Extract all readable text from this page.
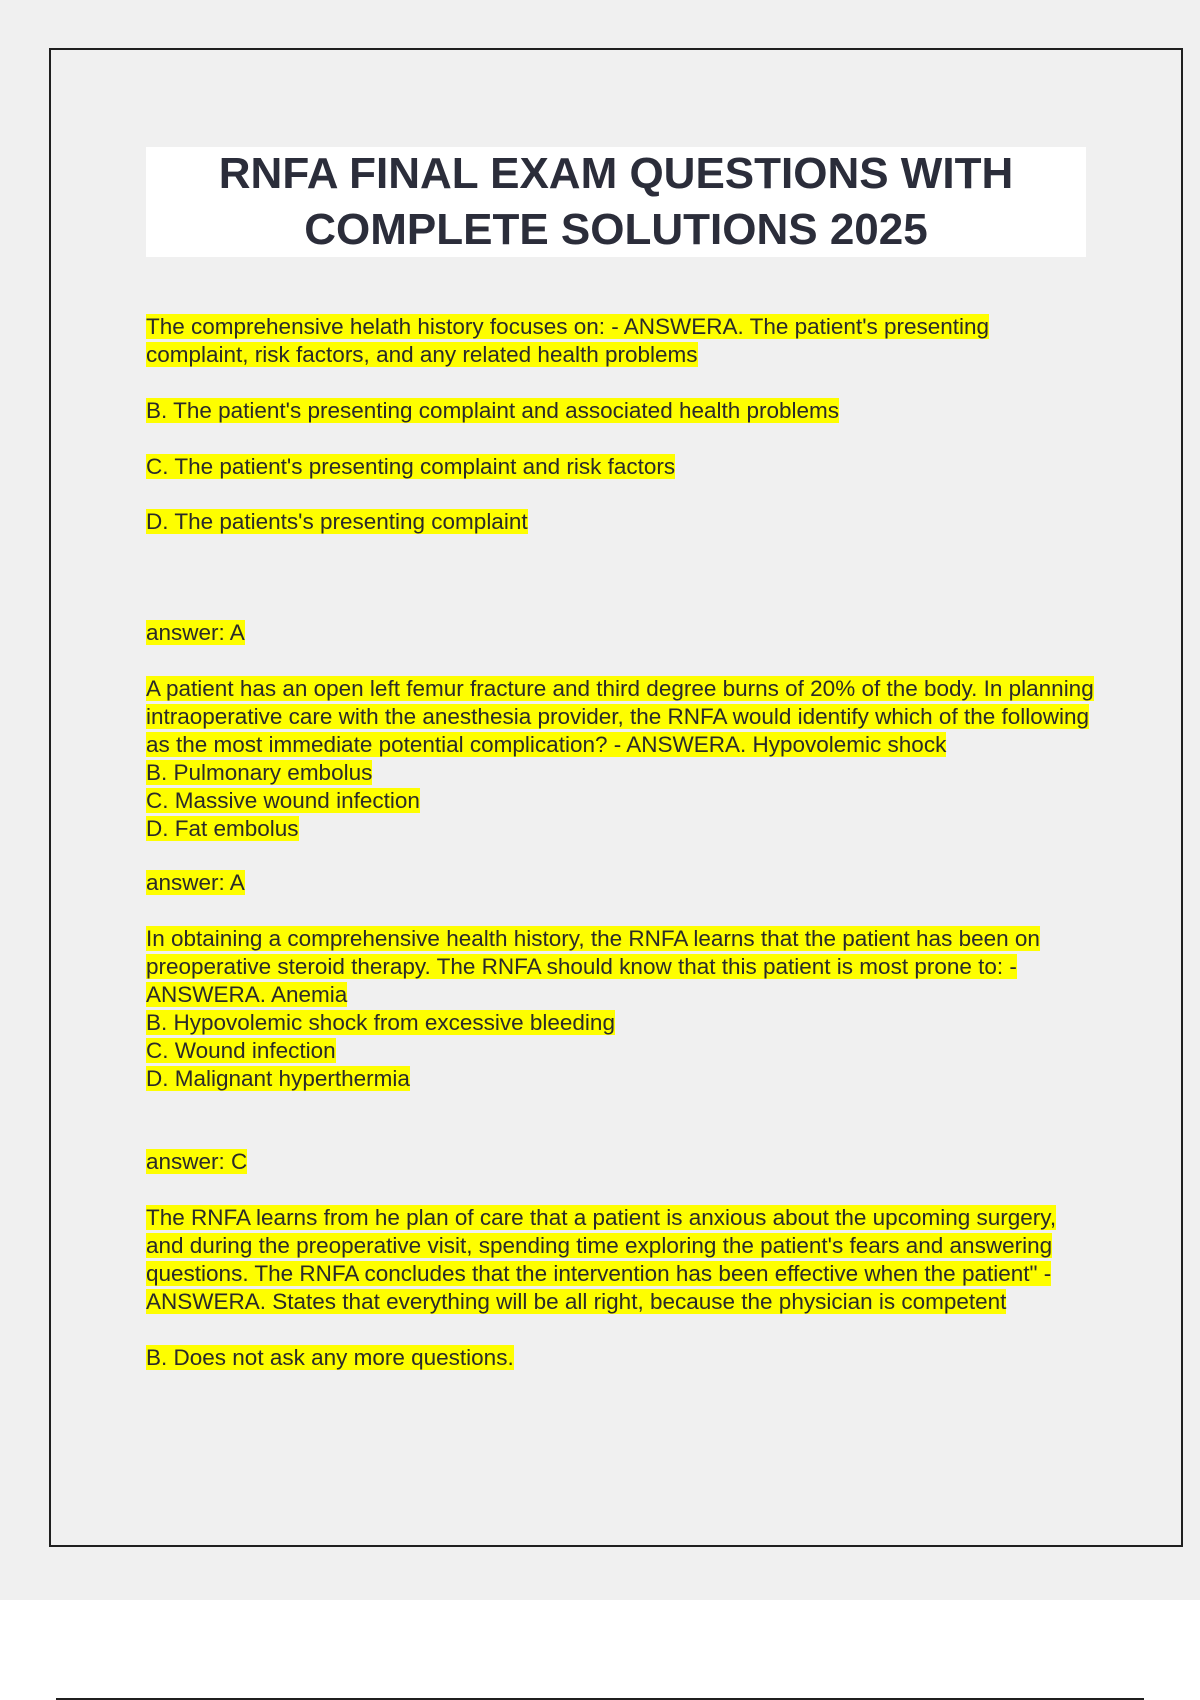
RNFA FINAL EXAM QUESTIONS WITH
COMPLETE SOLUTIONS 2025

The comprehensive helath history focuses on: - ANSWERA. The patient's presenting complaint, risk factors, and any related health problems

B. The patient's presenting complaint and associated health problems

C. The patient's presenting complaint and risk factors

D. The patients's presenting complaint

answer: A

A patient has an open left femur fracture and third degree burns of 20% of the body. In planning intraoperative care with the anesthesia provider, the RNFA would identify which of the following as the most immediate potential complication? - ANSWERA. Hypovolemic shock

B. Pulmonary embolus

C. Massive wound infection

D. Fat embolus

answer: A

In obtaining a comprehensive health history, the RNFA learns that the patient has been on preoperative steroid therapy. The RNFA should know that this patient is most prone to: - ANSWERA. Anemia

B. Hypovolemic shock from excessive bleeding

C. Wound infection

D. Malignant hyperthermia

answer: C

The RNFA learns from he plan of care that a patient is anxious about the upcoming surgery, and during the preoperative visit, spending time exploring the patient's fears and answering questions. The RNFA concludes that the intervention has been effective when the patient" - ANSWERA. States that everything will be all right, because the physician is competent

B. Does not ask any more questions.
